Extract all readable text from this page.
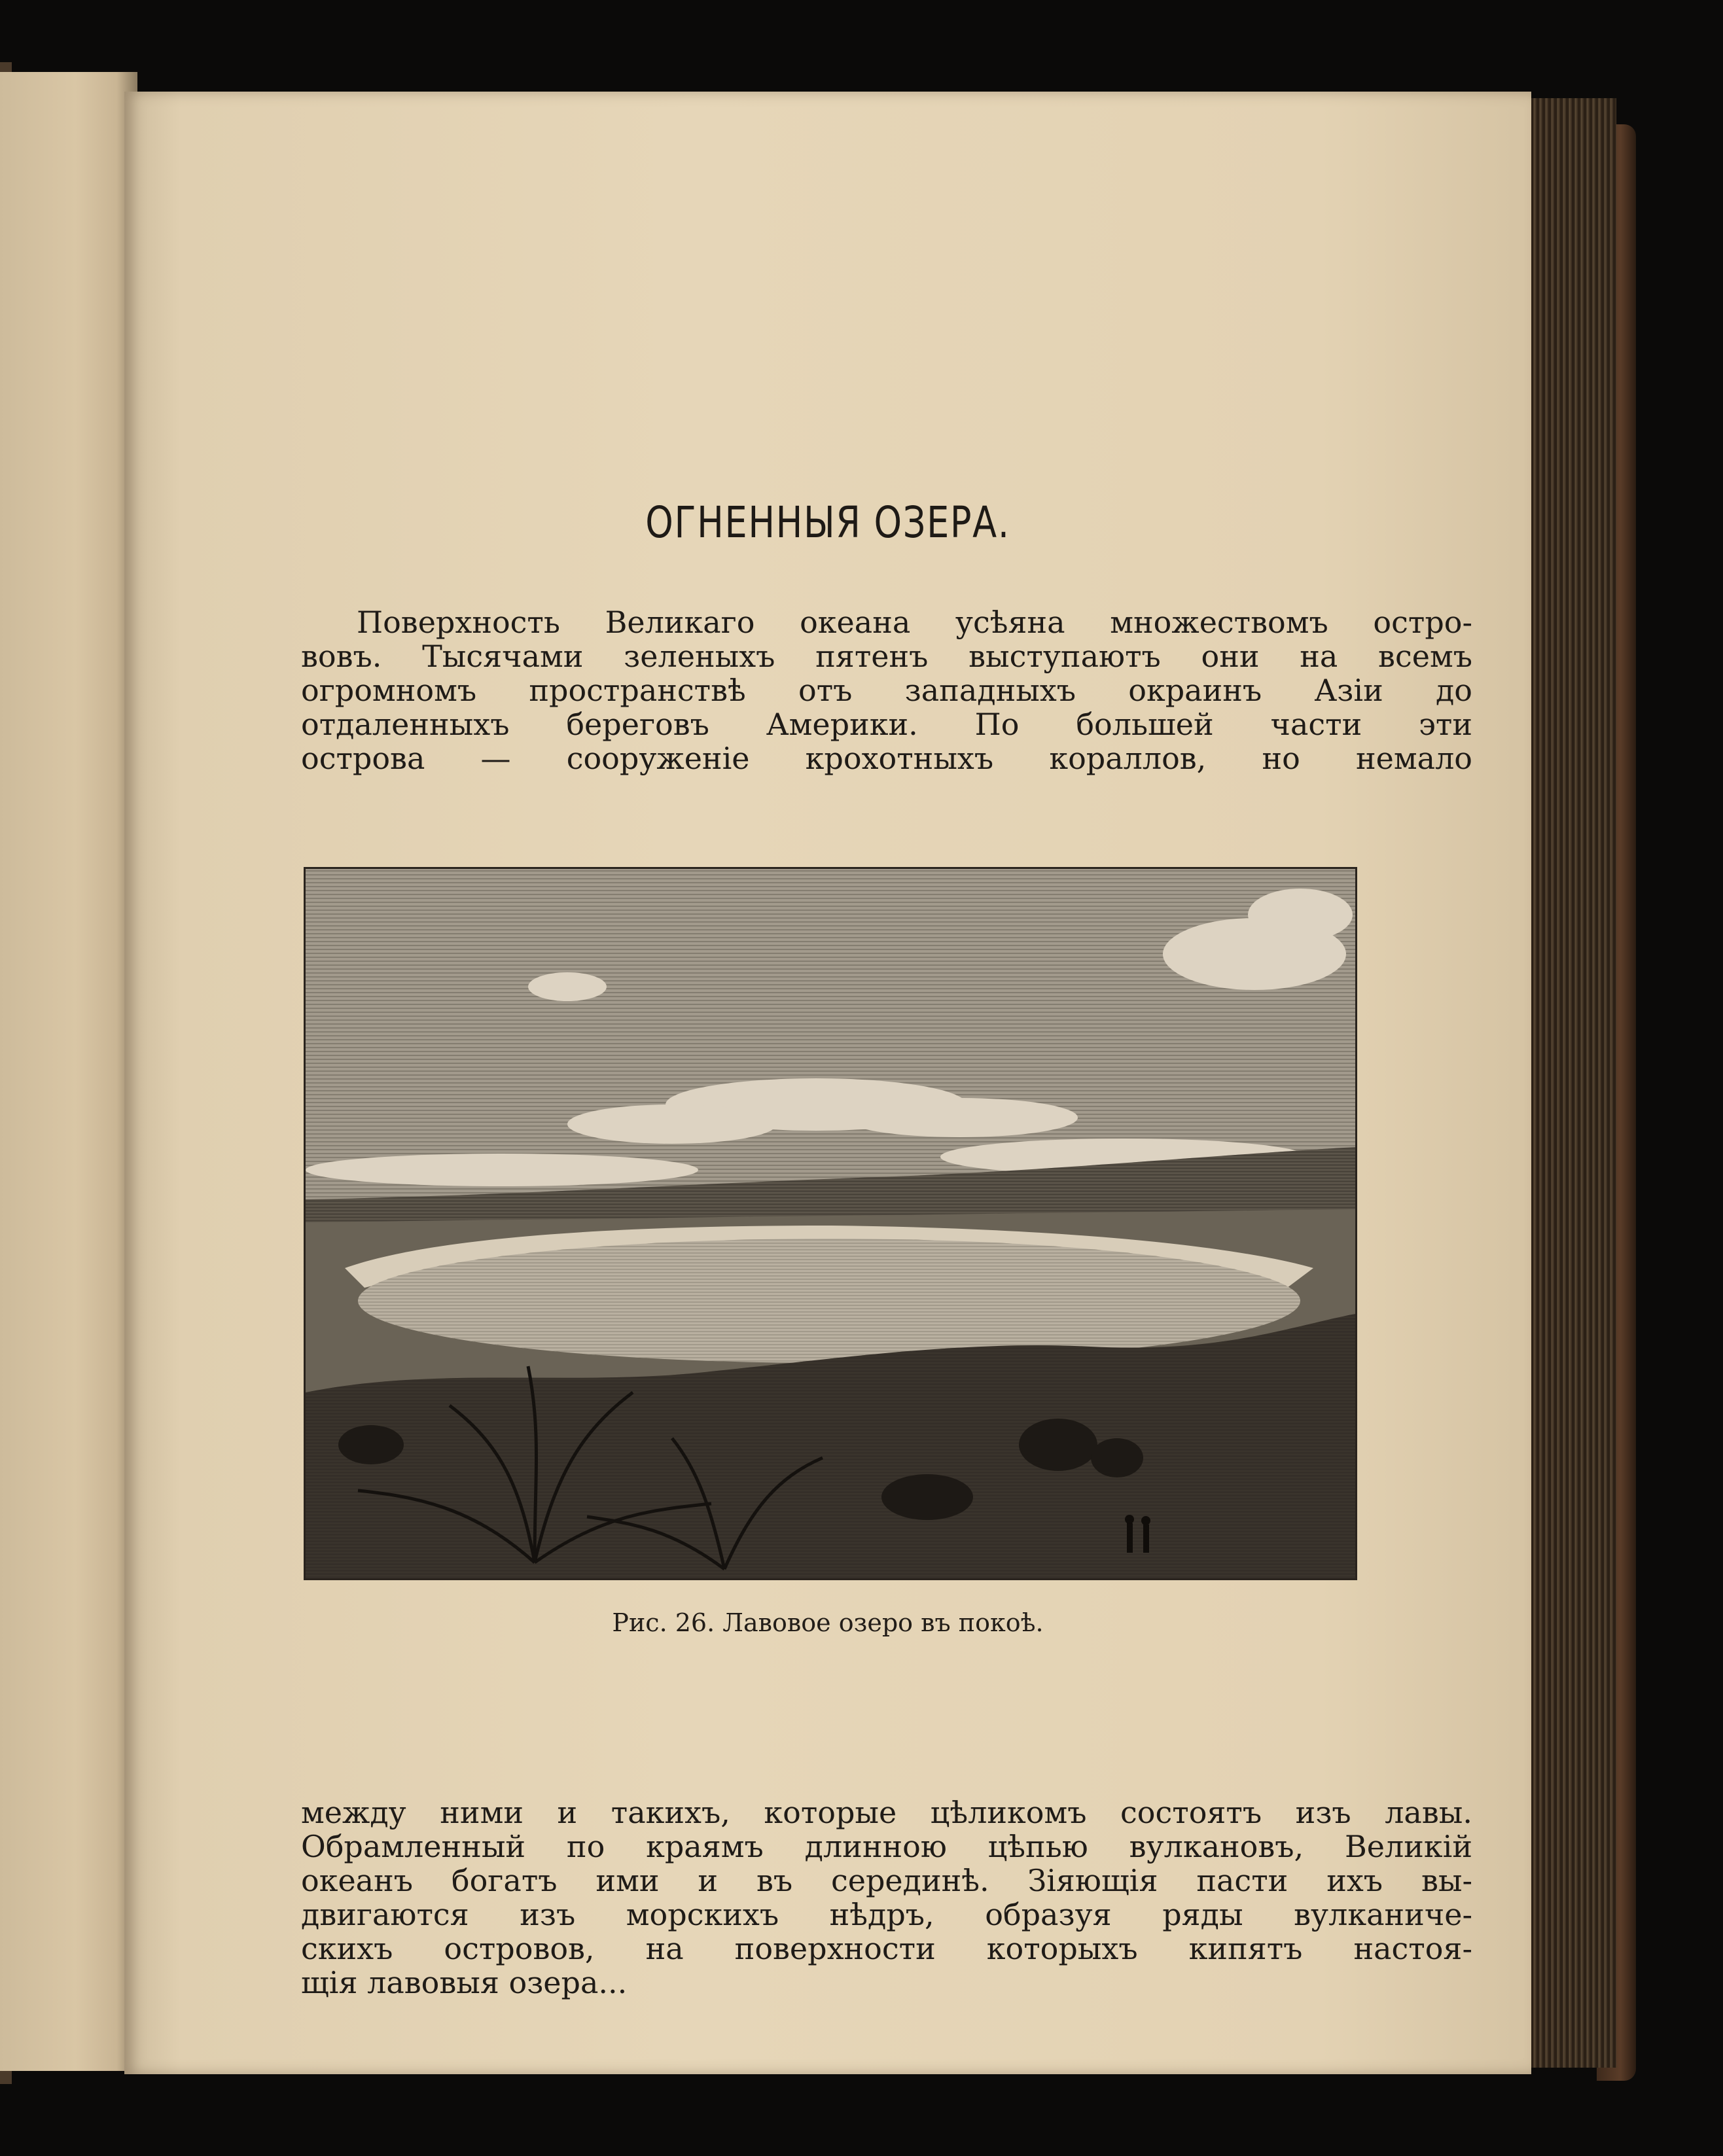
ОГНЕННЫЯ ОЗЕРА.
Поверхность Великаго океана усѣяна множествомъ остро-
вовъ. Тысячами зеленыхъ пятенъ выступаютъ они на всемъ
огромномъ пространствѣ отъ западныхъ окраинъ Азіи до
отдаленныхъ береговъ Америки. По большей части эти
острова — сооруженіе крохотныхъ кораллов, но немало

Рис. 26. Лавовое озеро въ покоѣ.

между ними и такихъ, которые цѣликомъ состоятъ изъ лавы.
Обрамленный по краямъ длинною цѣпью вулкановъ, Великій
океанъ богатъ ими и въ серединѣ. Зіяющія пасти ихъ вы-
двигаются изъ морскихъ нѣдръ, образуя ряды вулканиче-
скихъ островов, на поверхности которыхъ кипятъ настоя-
щія лавовыя озера...
